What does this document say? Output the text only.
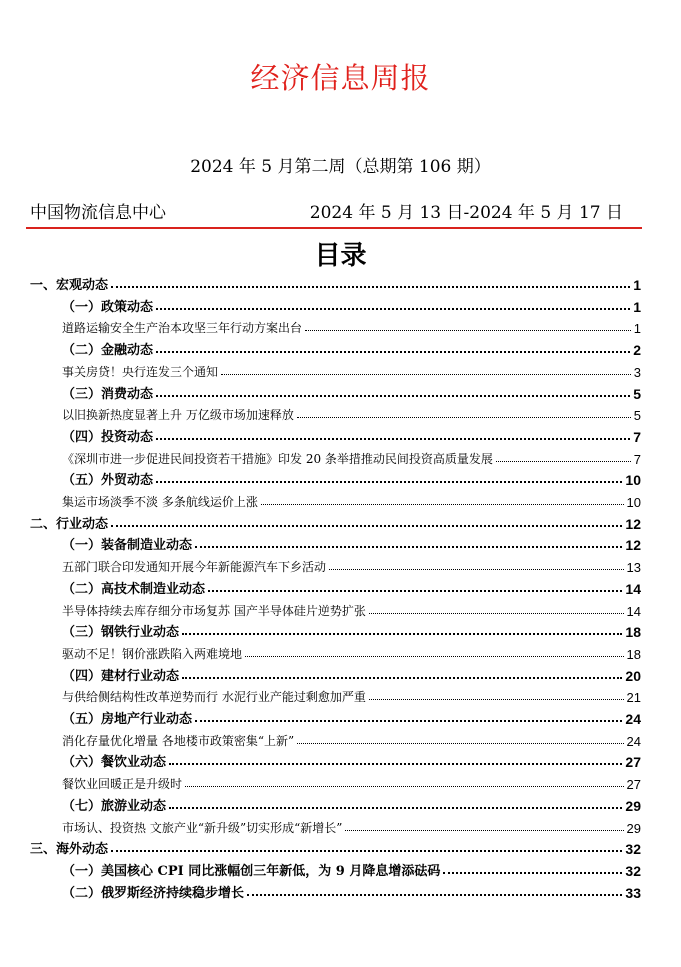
经济信息周报
2024 年 5 月第二周（总期第 106 期）
中国物流信息中心	2024 年 5 月 13 日-2024 年 5 月 17 日
目录
一、宏观动态	1
（一）政策动态	1
道路运输安全生产治本攻坚三年行动方案出台	1
（二）金融动态	2
事关房贷！央行连发三个通知	3
（三）消费动态	5
以旧换新热度显著上升 万亿级市场加速释放	5
（四）投资动态	7
《深圳市进一步促进民间投资若干措施》印发 20 条举措推动民间投资高质量发展	7
（五）外贸动态	10
集运市场淡季不淡 多条航线运价上涨	10
二、行业动态	12
（一）装备制造业动态	12
五部门联合印发通知开展今年新能源汽车下乡活动	13
（二）高技术制造业动态	14
半导体持续去库存细分市场复苏 国产半导体硅片逆势扩张	14
（三）钢铁行业动态	18
驱动不足！钢价涨跌陷入两难境地	18
（四）建材行业动态	20
与供给侧结构性改革逆势而行 水泥行业产能过剩愈加严重	21
（五）房地产行业动态	24
消化存量优化增量 各地楼市政策密集“上新”	24
（六）餐饮业动态	27
餐饮业回暖正是升级时	27
（七）旅游业动态	29
市场认、投资热 文旅产业“新升级”切实形成“新增长”	29
三、海外动态	32
（一）美国核心 CPI 同比涨幅创三年新低，为 9 月降息增添砝码	32
（二）俄罗斯经济持续稳步增长	33
